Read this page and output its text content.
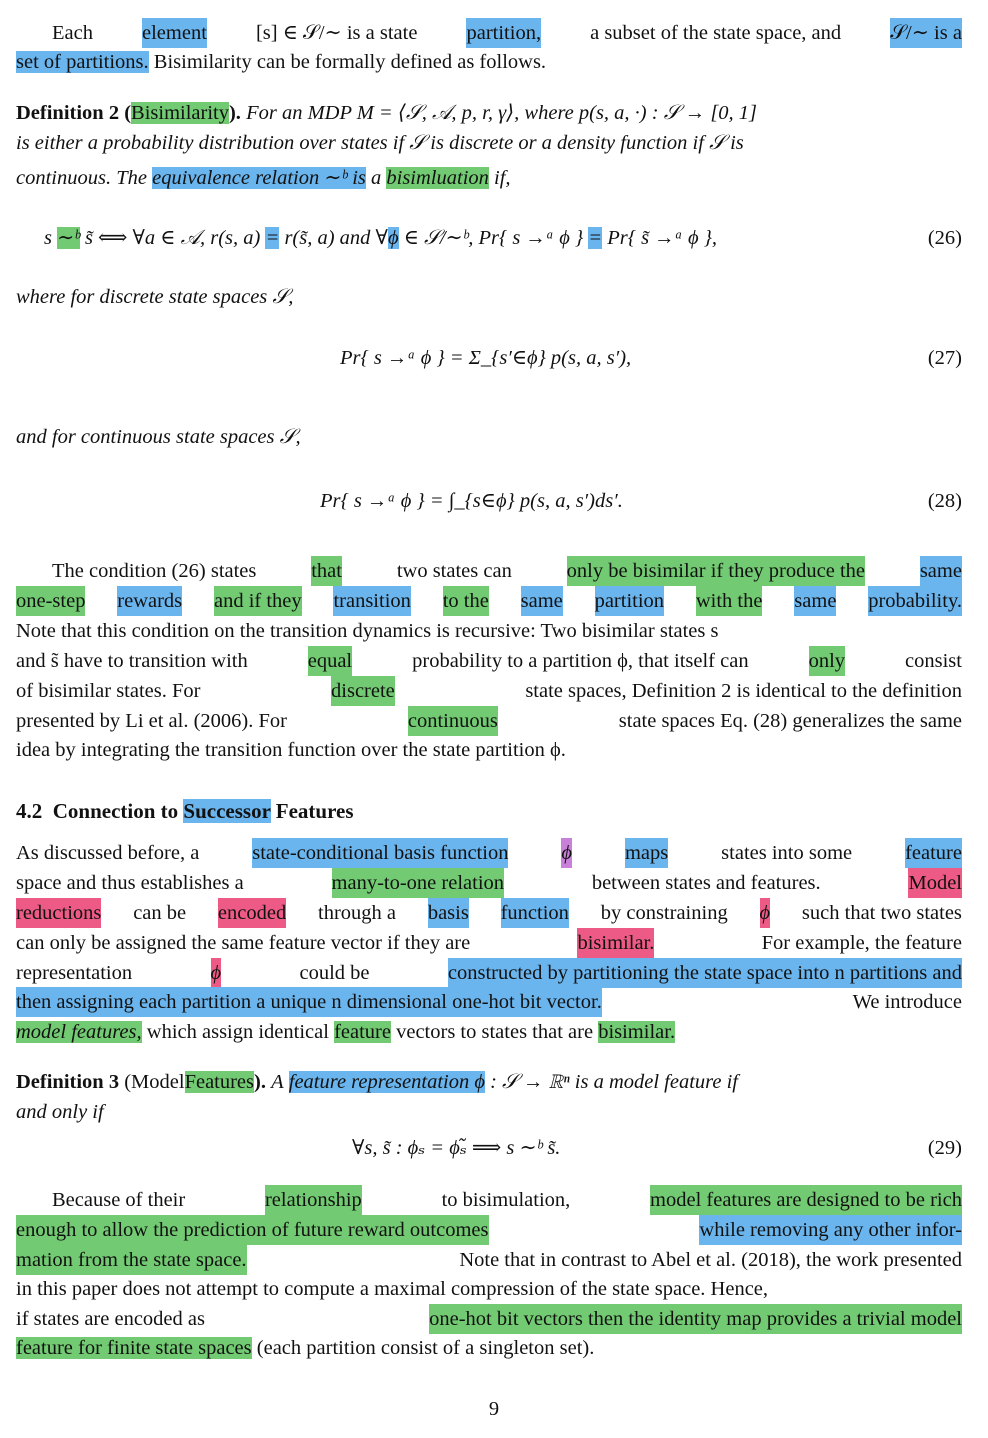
Each element [s] ∈ 𝒮/∼ is a state partition, a subset of the state space, and 𝒮/∼ is a
set of partitions. Bisimilarity can be formally defined as follows.
Definition 2 (Bisimilarity). For an MDP M = ⟨𝒮, 𝒜, p, r, γ⟩, where p(s, a, ·) : 𝒮 → [0, 1]
is either a probability distribution over states if 𝒮 is discrete or a density function if 𝒮 is
continuous. The equivalence relation ∼ᵇ is a bisimluation if,
s ∼ᵇ s̃ ⟺ ∀a ∈ 𝒜, r(s, a) = r(s̃, a) and ∀ϕ ∈ 𝒮/∼ᵇ, Pr{ s →ᵃ ϕ } = Pr{ s̃ →ᵃ ϕ },	(26)
where for discrete state spaces 𝒮,
Pr{ s →ᵃ ϕ } = Σ_{s′∈ϕ} p(s, a, s′),	(27)
and for continuous state spaces 𝒮,
Pr{ s →ᵃ ϕ } = ∫_{s∈ϕ} p(s, a, s′)ds′.	(28)
The condition (26) states	that	two states can	only be bisimilar if they produce the	same
one-step rewards and if they transition to the same partition with the same probability.
Note that this condition on the transition dynamics is recursive: Two bisimilar states s
and s̃ have to transition with	equal	probability to a partition ϕ, that itself can	only	consist
of bisimilar states. For	discrete	state spaces, Definition 2 is identical to the definition
presented by Li et al. (2006). For	continuous	state spaces Eq. (28) generalizes the same
idea by integrating the transition function over the state partition ϕ.
4.2 Connection to Successor Features
As discussed before, a	state-conditional basis function	ϕ	maps	states into some	feature
space and thus establishes a	many-to-one relation	between states and features.	Model
reductions can be encoded through a basis function by constraining ϕ such that two states
can only be assigned the same feature vector if they are	bisimilar.	For example, the feature
representation	ϕ	could be	constructed by partitioning the state space into n partitions and
then assigning each partition a unique n dimensional one-hot bit vector.	We introduce
model features, which assign identical feature vectors to states that are bisimilar.
Definition 3 (ModelFeatures). A feature representation ϕ : 𝒮 → ℝⁿ is a model feature if
and only if
∀s, s̃ : ϕₛ = ϕₛ̃ ⟹ s ∼ᵇ s̃.	(29)
Because of their	relationship	to bisimulation,	model features are designed to be rich
enough to allow the prediction of future reward outcomes	while removing any other infor-
mation from the state space.	Note that in contrast to Abel et al. (2018), the work presented
in this paper does not attempt to compute a maximal compression of the state space. Hence,
if states are encoded as	one-hot bit vectors then the identity map provides a trivial model
feature for finite state spaces (each partition consist of a singleton set).
9
